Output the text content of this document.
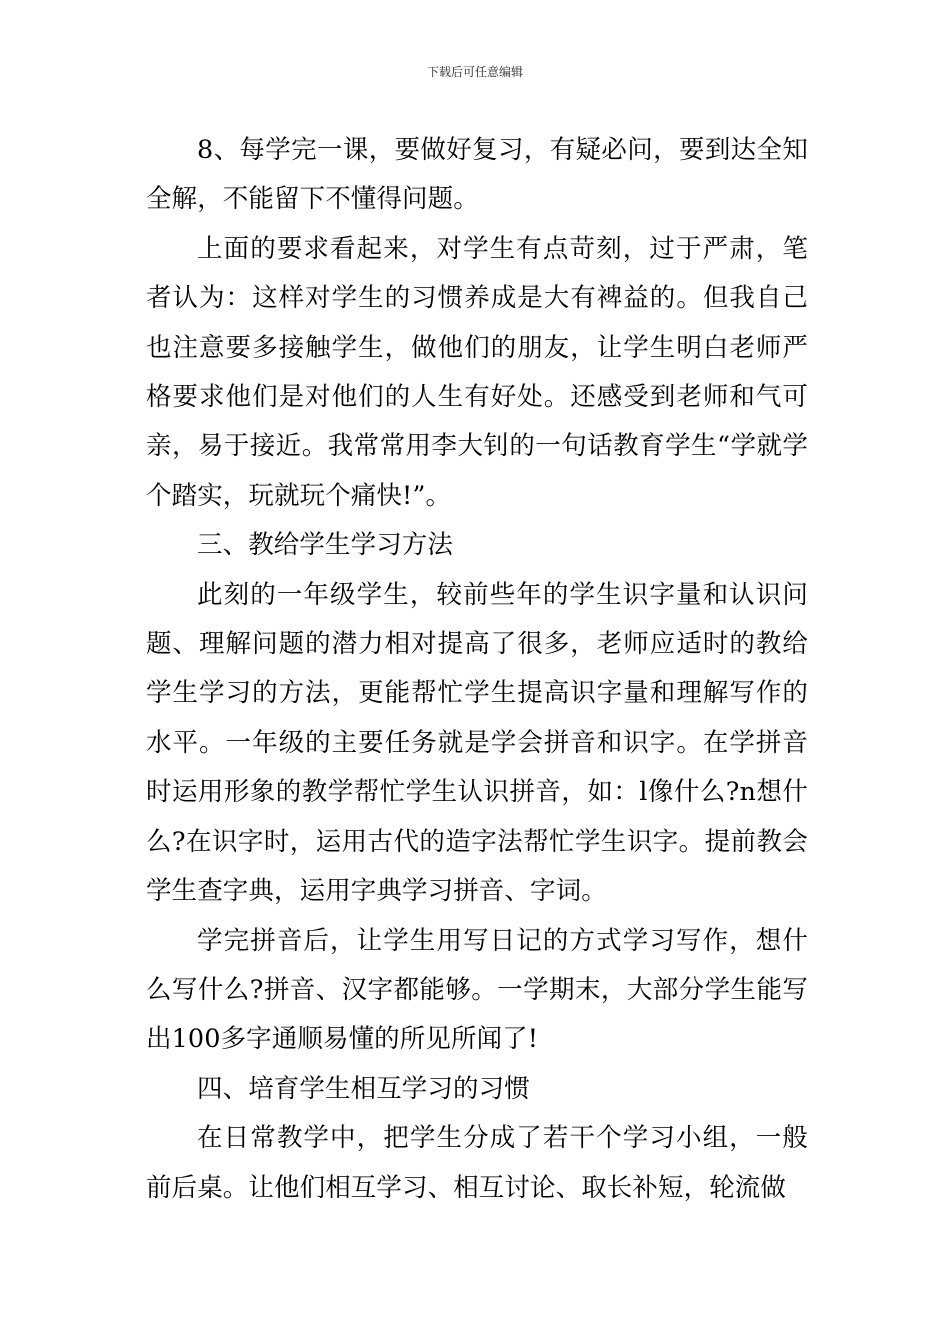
下载后可任意编辑

8、每学完一课，要做好复习，有疑必问，要到达全知全解，不能留下不懂得问题。

上面的要求看起来，对学生有点苛刻，过于严肃，笔者认为：这样对学生的习惯养成是大有裨益的。但我自己也注意要多接触学生，做他们的朋友，让学生明白老师严格要求他们是对他们的人生有好处。还感受到老师和气可亲，易于接近。我常常用李大钊的一句话教育学生“学就学个踏实，玩就玩个痛快!”。

三、教给学生学习方法

此刻的一年级学生，较前些年的学生识字量和认识问题、理解问题的潜力相对提高了很多，老师应适时的教给学生学习的方法，更能帮忙学生提高识字量和理解写作的水平。一年级的主要任务就是学会拼音和识字。在学拼音时运用形象的教学帮忙学生认识拼音，如：l像什么?n想什么?在识字时，运用古代的造字法帮忙学生识字。提前教会学生查字典，运用字典学习拼音、字词。

学完拼音后，让学生用写日记的方式学习写作，想什么写什么?拼音、汉字都能够。一学期末，大部分学生能写出100多字通顺易懂的所见所闻了!

四、培育学生相互学习的习惯

在日常教学中，把学生分成了若干个学习小组，一般前后桌。让他们相互学习、相互讨论、取长补短，轮流做
